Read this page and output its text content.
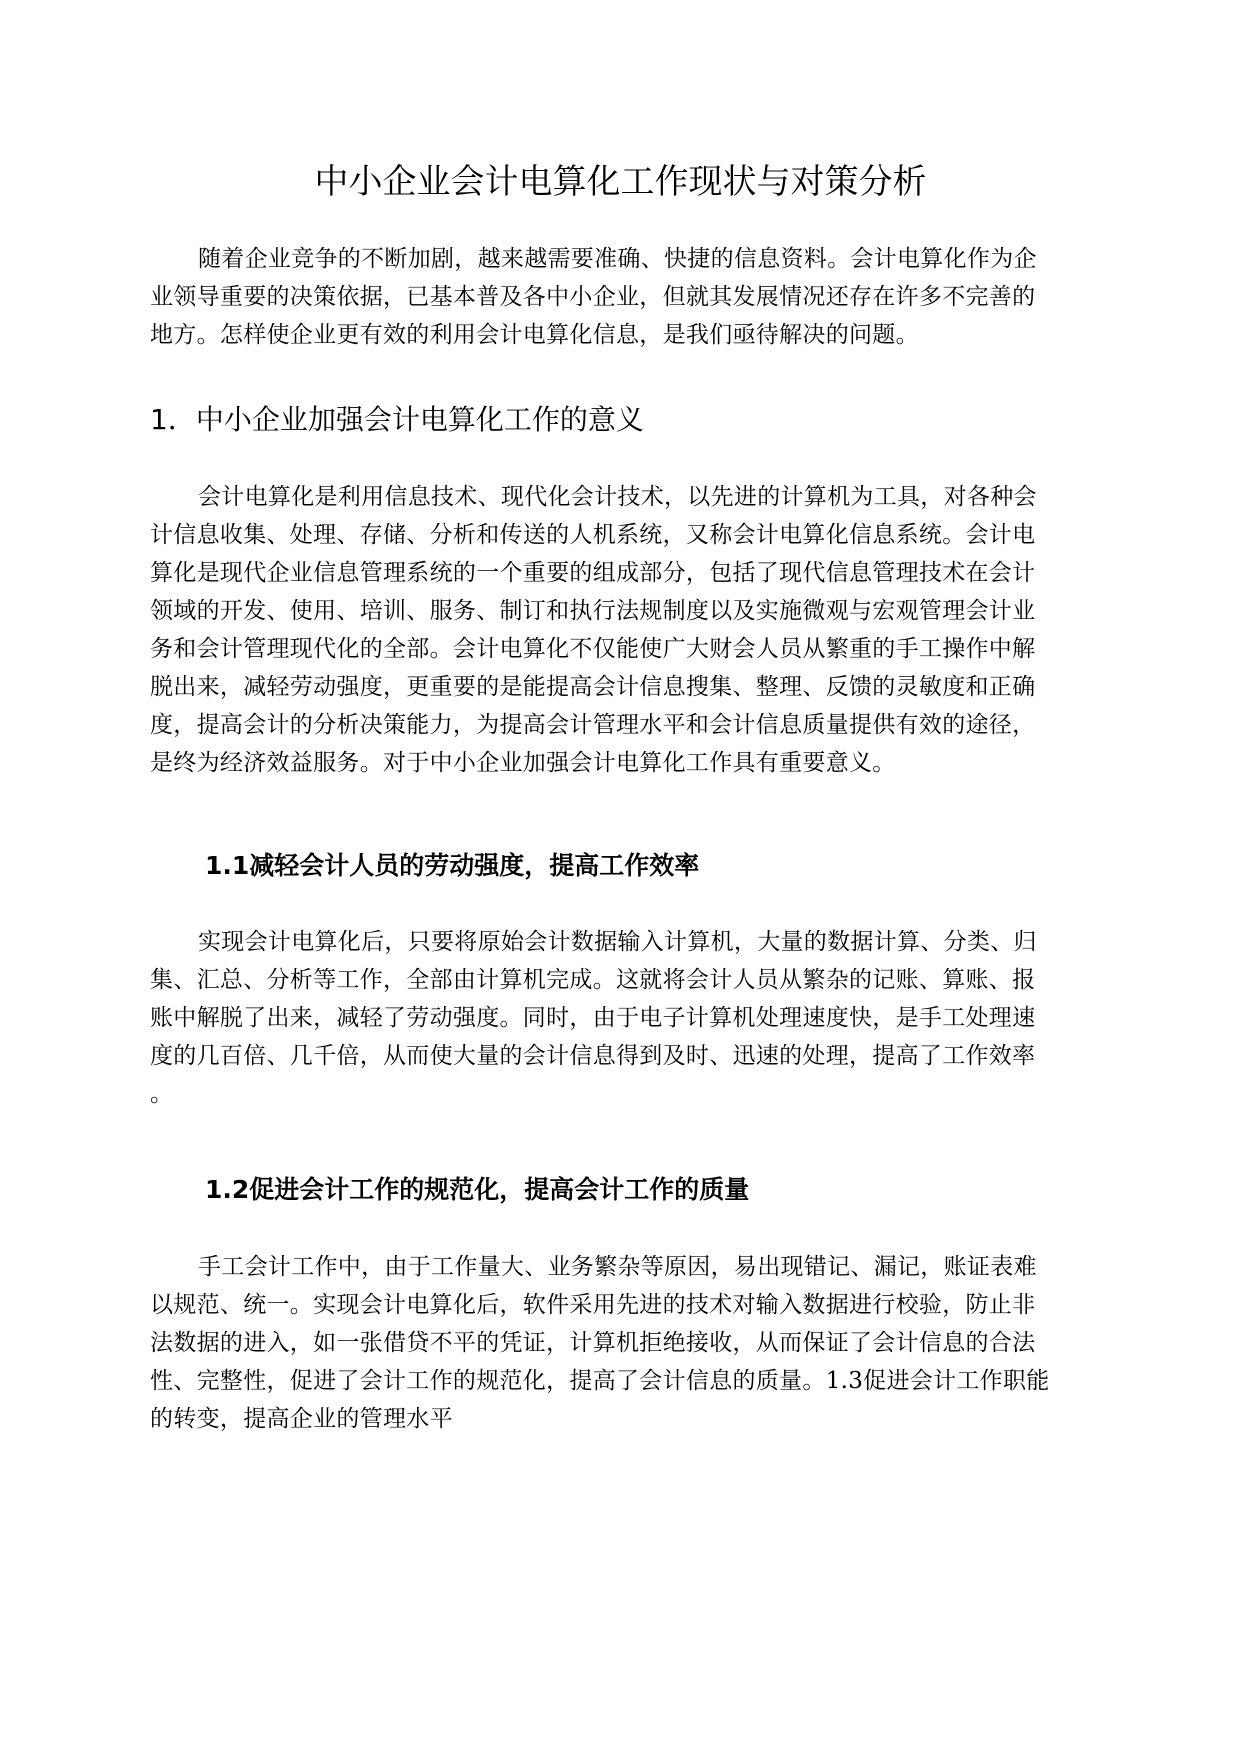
中小企业会计电算化工作现状与对策分析

随着企业竞争的不断加剧，越来越需要准确、快捷的信息资料。会计电算化作为企
业领导重要的决策依据，已基本普及各中小企业，但就其发展情况还存在许多不完善的
地方。怎样使企业更有效的利用会计电算化信息，是我们亟待解决的问题。

1．中小企业加强会计电算化工作的意义

会计电算化是利用信息技术、现代化会计技术，以先进的计算机为工具，对各种会
计信息收集、处理、存储、分析和传送的人机系统，又称会计电算化信息系统。会计电
算化是现代企业信息管理系统的一个重要的组成部分，包括了现代信息管理技术在会计
领域的开发、使用、培训、服务、制订和执行法规制度以及实施微观与宏观管理会计业
务和会计管理现代化的全部。会计电算化不仅能使广大财会人员从繁重的手工操作中解
脱出来，减轻劳动强度，更重要的是能提高会计信息搜集、整理、反馈的灵敏度和正确
度，提高会计的分析决策能力，为提高会计管理水平和会计信息质量提供有效的途径，
是终为经济效益服务。对于中小企业加强会计电算化工作具有重要意义。

1.1减轻会计人员的劳动强度，提高工作效率

实现会计电算化后，只要将原始会计数据输入计算机，大量的数据计算、分类、归
集、汇总、分析等工作，全部由计算机完成。这就将会计人员从繁杂的记账、算账、报
账中解脱了出来，减轻了劳动强度。同时，由于电子计算机处理速度快，是手工处理速
度的几百倍、几千倍，从而使大量的会计信息得到及时、迅速的处理，提高了工作效率
。

1.2促进会计工作的规范化，提高会计工作的质量

手工会计工作中，由于工作量大、业务繁杂等原因，易出现错记、漏记，账证表难
以规范、统一。实现会计电算化后，软件采用先进的技术对输入数据进行校验，防止非
法数据的进入，如一张借贷不平的凭证，计算机拒绝接收，从而保证了会计信息的合法
性、完整性，促进了会计工作的规范化，提高了会计信息的质量。1.3促进会计工作职能
的转变，提高企业的管理水平
